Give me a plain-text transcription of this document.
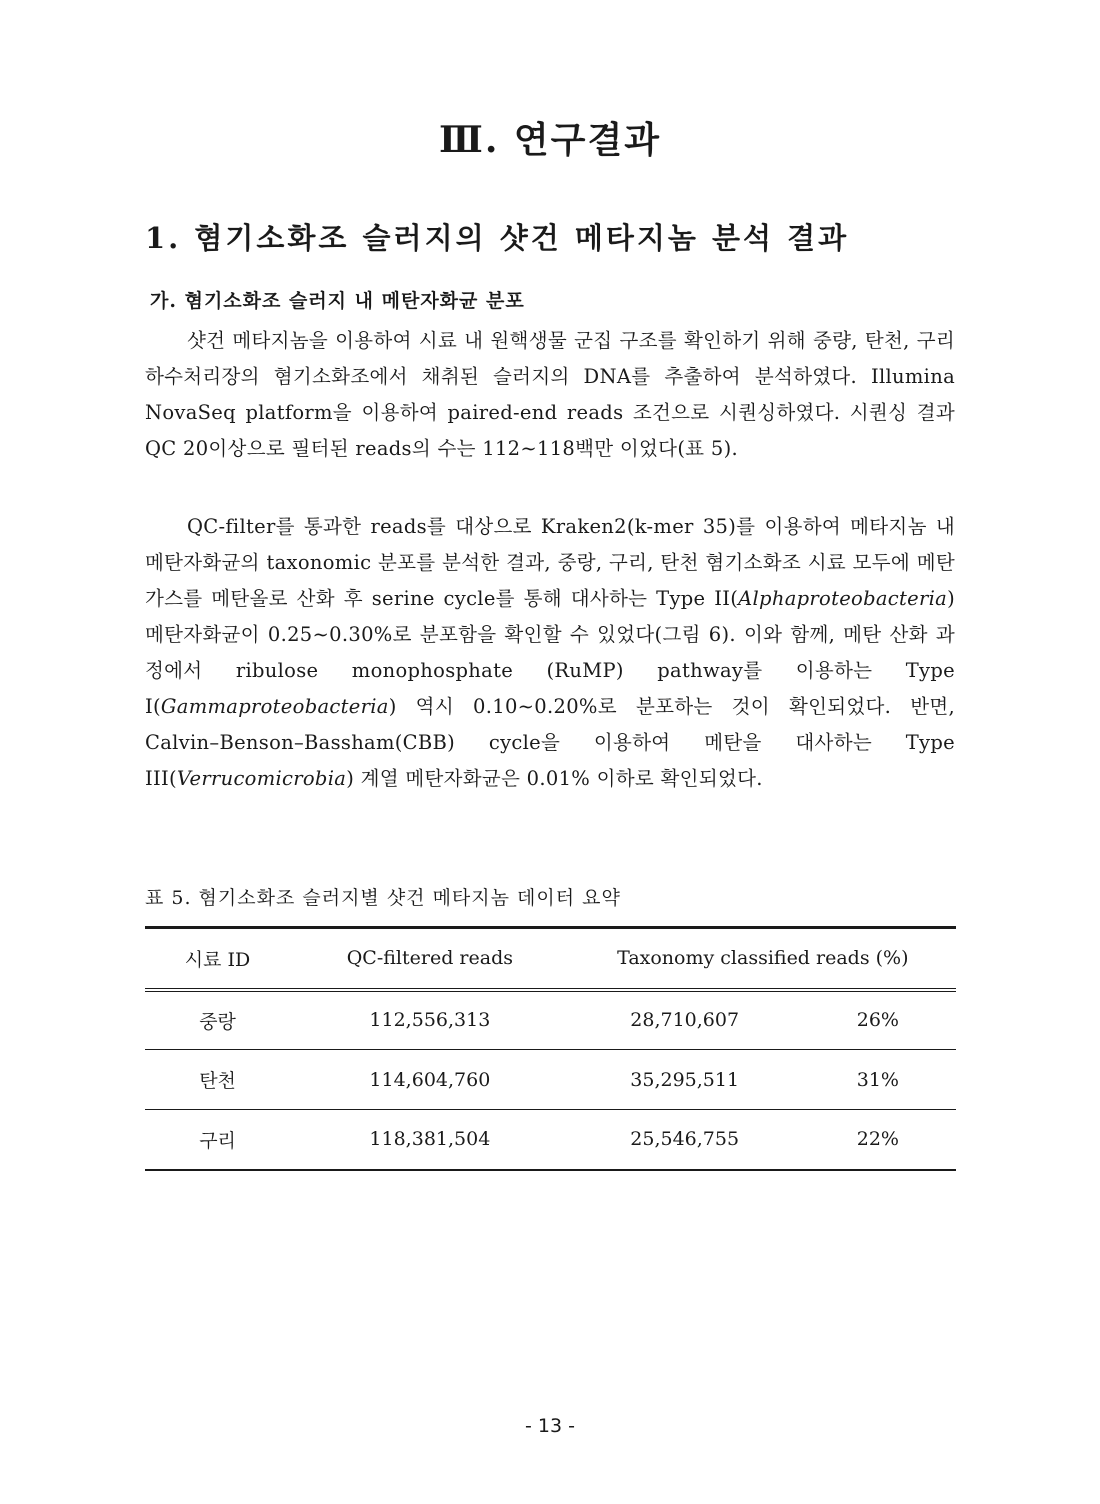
Ⅲ. 연구결과
1. 혐기소화조 슬러지의 샷건 메타지놈 분석 결과
가. 혐기소화조 슬러지 내 메탄자화균 분포

샷건 메타지놈을 이용하여 시료 내 원핵생물 군집 구조를 확인하기 위해 중량, 탄천, 구리 하수처리장의 혐기소화조에서 채취된 슬러지의 DNA를 추출하여 분석하였다. Illumina NovaSeq platform을 이용하여 paired-end reads 조건으로 시퀀싱하였다. 시퀀싱 결과 QC 20이상으로 필터된 reads의 수는 112∼118백만 이었다(표 5).

QC-filter를 통과한 reads를 대상으로 Kraken2(k-mer 35)를 이용하여 메타지놈 내 메탄자화균의 taxonomic 분포를 분석한 결과, 중랑, 구리, 탄천 혐기소화조 시료 모두에 메탄가스를 메탄올로 산화 후 serine cycle를 통해 대사하는 Type II(Alphaproteobacteria) 메탄자화균이 0.25∼0.30%로 분포함을 확인할 수 있었다(그림 6). 이와 함께, 메탄 산화 과정에서 ribulose monophosphate (RuMP) pathway를 이용하는 Type I(Gammaproteobacteria) 역시 0.10∼0.20%로 분포하는 것이 확인되었다. 반면, Calvin–Benson–Bassham(CBB) cycle을 이용하여 메탄을 대사하는 Type III(Verrucomicrobia) 계열 메탄자화균은 0.01% 이하로 확인되었다.

표 5. 혐기소화조 슬러지별 샷건 메타지놈 데이터 요약

시료 ID	QC-filtered reads	Taxonomy classified reads (%)	
중랑	112,556,313	28,710,607	26%
탄천	114,604,760	35,295,511	31%
구리	118,381,504	25,546,755	22%

- 13 -
